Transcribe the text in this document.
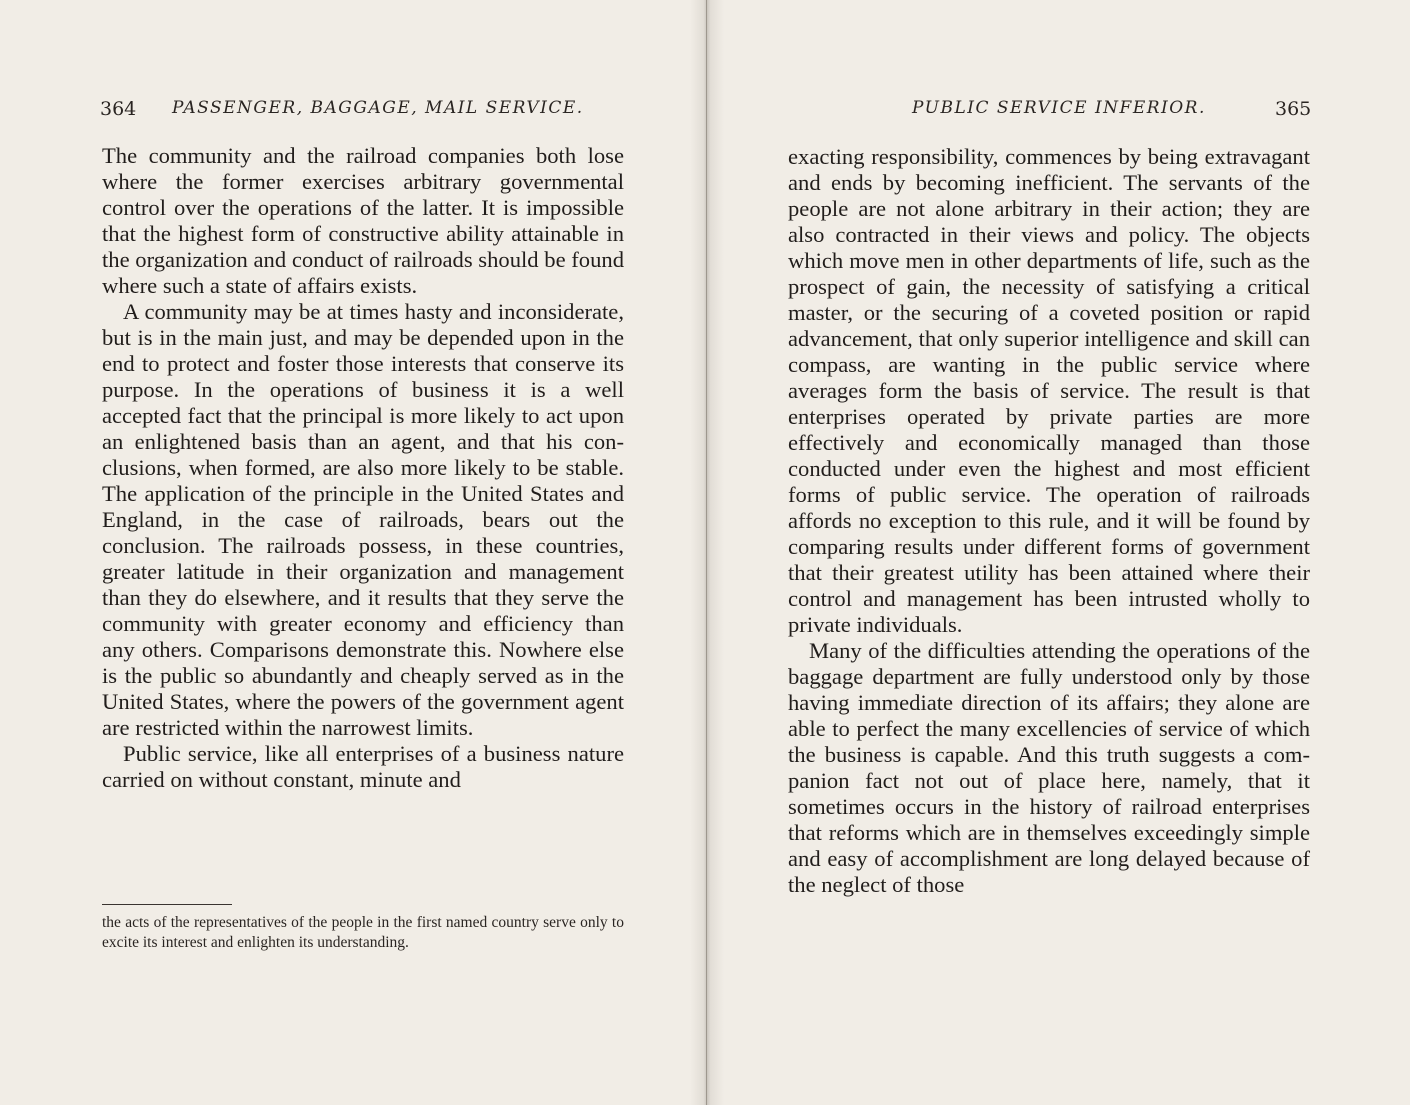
364 PASSENGER, BAGGAGE, MAIL SERVICE.

The community and the railroad companies both lose where the former exercises arbitrary governmental control over the operations of the latter. It is impossible that the highest form of constructive ability attainable in the organization and conduct of railroads should be found where such a state of affairs exists.

A community may be at times hasty and inconsiderate, but is in the main just, and may be depended upon in the end to protect and foster those interests that conserve its purpose. In the operations of business it is a well accepted fact that the principal is more likely to act upon an enlightened basis than an agent, and that his conclusions, when formed, are also more likely to be stable. The application of the principle in the United States and England, in the case of railroads, bears out the conclusion. The railroads possess, in these countries, greater latitude in their organization and management than they do elsewhere, and it results that they serve the community with greater economy and efficiency than any others. Comparisons demonstrate this. Nowhere else is the public so abundantly and cheaply served as in the United States, where the powers of the government agent are restricted within the narrowest limits.

Public service, like all enterprises of a business nature carried on without constant, minute and

the acts of the representatives of the people in the first named country serve only to excite its interest and enlighten its understanding.

PUBLIC SERVICE INFERIOR.	365

exacting responsibility, commences by being extravagant and ends by becoming inefficient. The servants of the people are not alone arbitrary in their action; they are also contracted in their views and policy. The objects which move men in other departments of life, such as the prospect of gain, the necessity of satisfying a critical master, or the securing of a coveted position or rapid advancement, that only superior intelligence and skill can compass, are wanting in the public service where averages form the basis of service. The result is that enterprises operated by private parties are more effectively and economically managed than those conducted under even the highest and most efficient forms of public service. The operation of railroads affords no exception to this rule, and it will be found by comparing results under different forms of government that their greatest utility has been attained where their control and management has been intrusted wholly to private individuals.

Many of the difficulties attending the operations of the baggage department are fully understood only by those having immediate direction of its affairs; they alone are able to perfect the many excellencies of service of which the business is capable. And this truth suggests a companion fact not out of place here, namely, that it sometimes occurs in the history of railroad enterprises that reforms which are in themselves exceedingly simple and easy of accomplishment are long delayed because of the neglect of those
